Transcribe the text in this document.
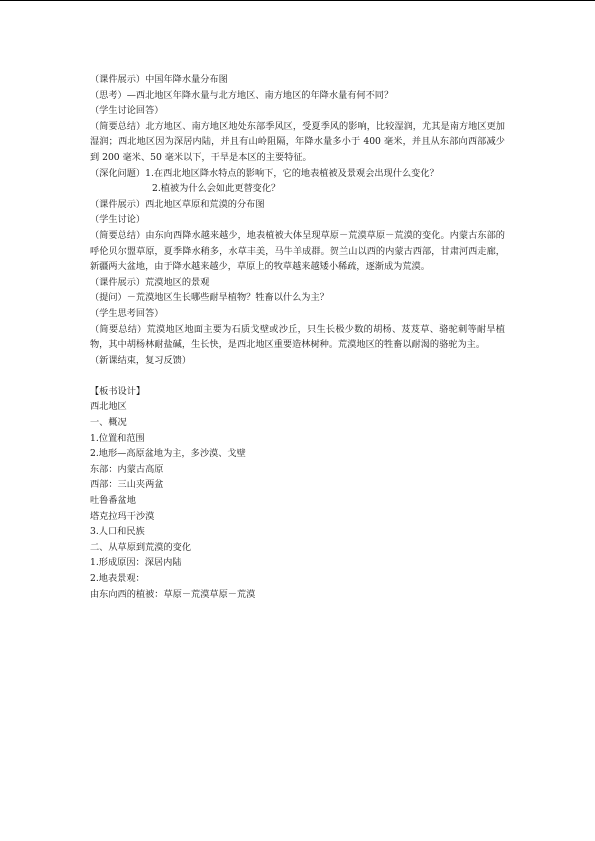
（课件展示）中国年降水量分布图

（思考）—西北地区年降水量与北方地区、南方地区的年降水量有何不同？

（学生讨论回答）

（简要总结）北方地区、南方地区地处东部季风区，受夏季风的影响，比较湿润，尤其是南方地区更加湿润；西北地区因为深居内陆，并且有山岭阻隔，年降水量多小于 400 毫米，并且从东部向西部减少到 200 毫米、50 毫米以下，干旱是本区的主要特征。

（深化问题）1.在西北地区降水特点的影响下，它的地表植被及景观会出现什么变化？

2.植被为什么会如此更替变化？

（课件展示）西北地区草原和荒漠的分布图

（学生讨论）

（简要总结）由东向西降水越来越少，地表植被大体呈现草原－荒漠草原－荒漠的变化。内蒙古东部的呼伦贝尔盟草原，夏季降水稍多，水草丰美，马牛羊成群。贺兰山以西的内蒙古西部，甘肃河西走廊，新疆两大盆地，由于降水越来越少，草原上的牧草越来越矮小稀疏，逐渐成为荒漠。

（课件展示）荒漠地区的景观

（提问）－荒漠地区生长哪些耐旱植物？牲畜以什么为主？

（学生思考回答）

（简要总结）荒漠地区地面主要为石质戈壁或沙丘，只生长极少数的胡杨、芨芨草、骆驼刺等耐旱植物，其中胡杨林耐盐碱，生长快，是西北地区重要造林树种。荒漠地区的牲畜以耐渴的骆驼为主。

（新课结束，复习反馈）

【板书设计】

西北地区

一、概况

1.位置和范围

2.地形—高原盆地为主，多沙漠、戈壁

东部：内蒙古高原

西部：三山夹两盆

吐鲁番盆地

塔克拉玛干沙漠

3.人口和民族

二、从草原到荒漠的变化

1.形成原因：深居内陆

2.地表景观：

由东向西的植被：草原－荒漠草原－荒漠
